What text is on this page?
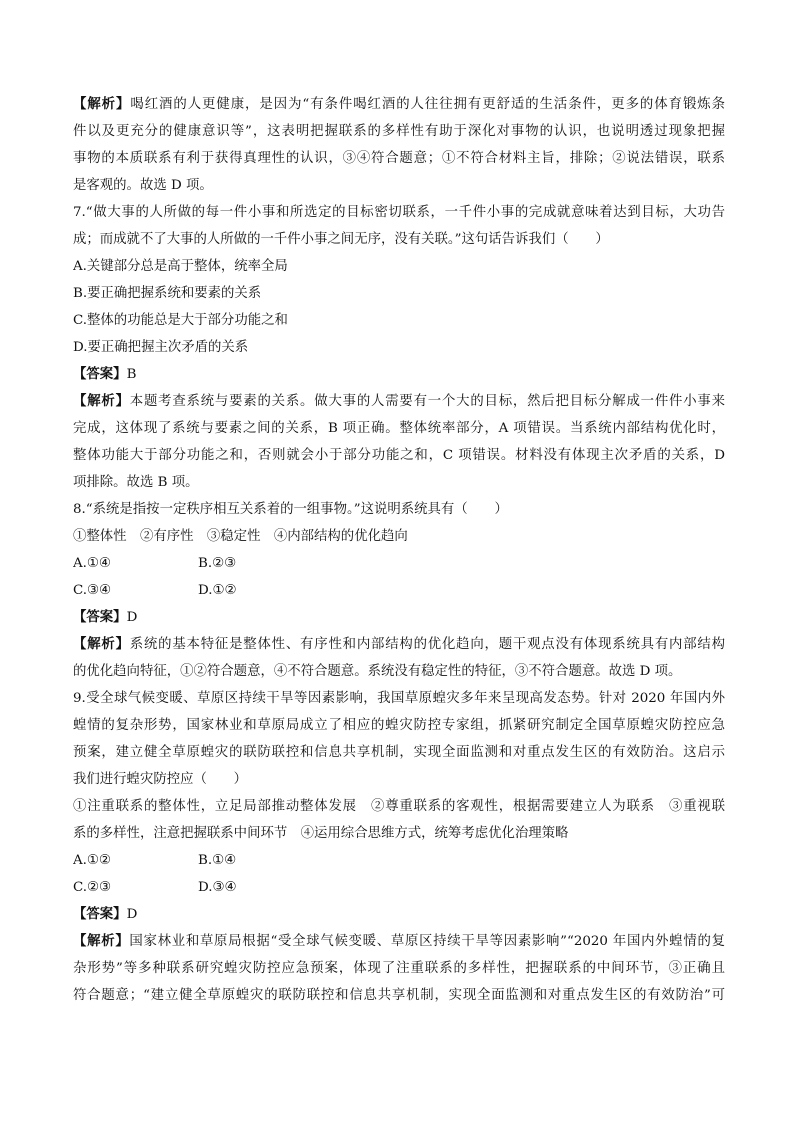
【解析】喝红酒的人更健康，是因为“有条件喝红酒的人往往拥有更舒适的生活条件，更多的体育锻炼条
件以及更充分的健康意识等”，这表明把握联系的多样性有助于深化对事物的认识，也说明透过现象把握
事物的本质联系有利于获得真理性的认识，③④符合题意；①不符合材料主旨，排除；②说法错误，联系
是客观的。故选 D 项。
7.“做大事的人所做的每一件小事和所选定的目标密切联系，一千件小事的完成就意味着达到目标，大功告
成；而成就不了大事的人所做的一千件小事之间无序，没有关联。”这句话告诉我们（　　）
A.关键部分总是高于整体，统率全局
B.要正确把握系统和要素的关系
C.整体的功能总是大于部分功能之和
D.要正确把握主次矛盾的关系
【答案】B
【解析】本题考查系统与要素的关系。做大事的人需要有一个大的目标，然后把目标分解成一件件小事来
完成，这体现了系统与要素之间的关系，B 项正确。整体统率部分，A 项错误。当系统内部结构优化时，
整体功能大于部分功能之和，否则就会小于部分功能之和，C 项错误。材料没有体现主次矛盾的关系，D
项排除。故选 B 项。
8.“系统是指按一定秩序相互关系着的一组事物。”这说明系统具有（　　）
①整体性　②有序性　③稳定性　④内部结构的优化趋向
A.①④	B.②③
C.③④	D.①②
【答案】D
【解析】系统的基本特征是整体性、有序性和内部结构的优化趋向，题干观点没有体现系统具有内部结构
的优化趋向特征，①②符合题意，④不符合题意。系统没有稳定性的特征，③不符合题意。故选 D 项。
9.受全球气候变暖、草原区持续干旱等因素影响，我国草原蝗灾多年来呈现高发态势。针对 2020 年国内外
蝗情的复杂形势，国家林业和草原局成立了相应的蝗灾防控专家组，抓紧研究制定全国草原蝗灾防控应急
预案，建立健全草原蝗灾的联防联控和信息共享机制，实现全面监测和对重点发生区的有效防治。这启示
我们进行蝗灾防控应（　　）
①注重联系的整体性，立足局部推动整体发展　②尊重联系的客观性，根据需要建立人为联系　③重视联
系的多样性，注意把握联系中间环节　④运用综合思维方式，统筹考虑优化治理策略
A.①②	B.①④
C.②③	D.③④
【答案】D
【解析】国家林业和草原局根据“受全球气候变暖、草原区持续干旱等因素影响”“2020 年国内外蝗情的复
杂形势”等多种联系研究蝗灾防控应急预案，体现了注重联系的多样性，把握联系的中间环节，③正确且
符合题意；“建立健全草原蝗灾的联防联控和信息共享机制，实现全面监测和对重点发生区的有效防治”可
